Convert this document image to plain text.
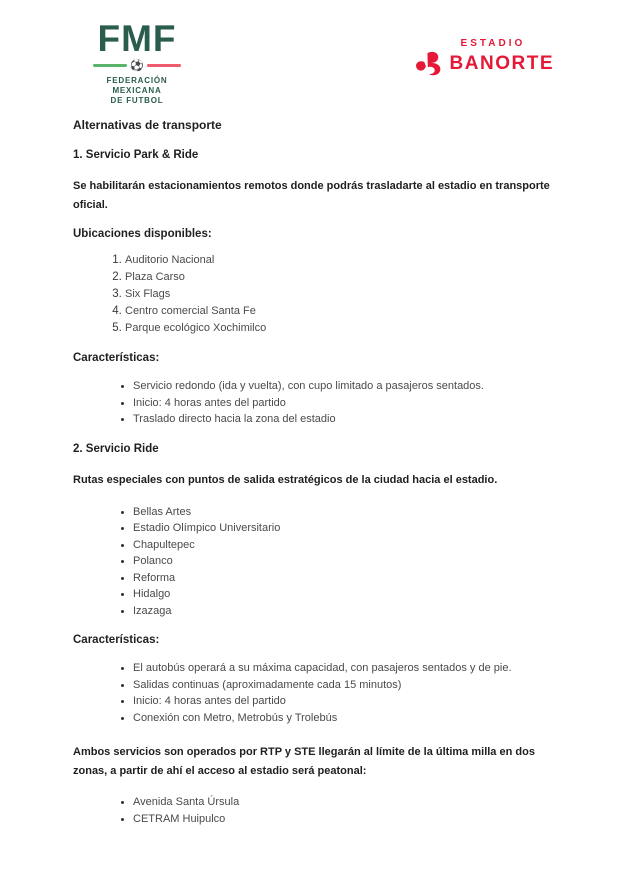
FMF
⚽
FEDERACIÓN MEXICANA
DE FUTBOL
ESTADIO
BANORTE
Alternativas de transporte
1. Servicio Park & Ride

Se habilitarán estacionamientos remotos donde podrás trasladarte al estadio en transporte oficial.

Ubicaciones disponibles:
1. Auditorio Nacional
2. Plaza Carso
3. Six Flags
4. Centro comercial Santa Fe
5. Parque ecológico Xochimilco
Características:
• Servicio redondo (ida y vuelta), con cupo limitado a pasajeros sentados.
• Inicio: 4 horas antes del partido
• Traslado directo hacia la zona del estadio
2. Servicio Ride

Rutas especiales con puntos de salida estratégicos de la ciudad hacia el estadio.

• Bellas Artes
• Estadio Olímpico Universitario
• Chapultepec
• Polanco
• Reforma
• Hidalgo
• Izazaga
Características:
• El autobús operará a su máxima capacidad, con pasajeros sentados y de pie.
• Salidas continuas (aproximadamente cada 15 minutos)
• Inicio: 4 horas antes del partido
• Conexión con Metro, Metrobús y Trolebús

Ambos servicios son operados por RTP y STE llegarán al límite de la última milla en dos zonas, a partir de ahí el acceso al estadio será peatonal:

• Avenida Santa Úrsula
• CETRAM Huipulco
